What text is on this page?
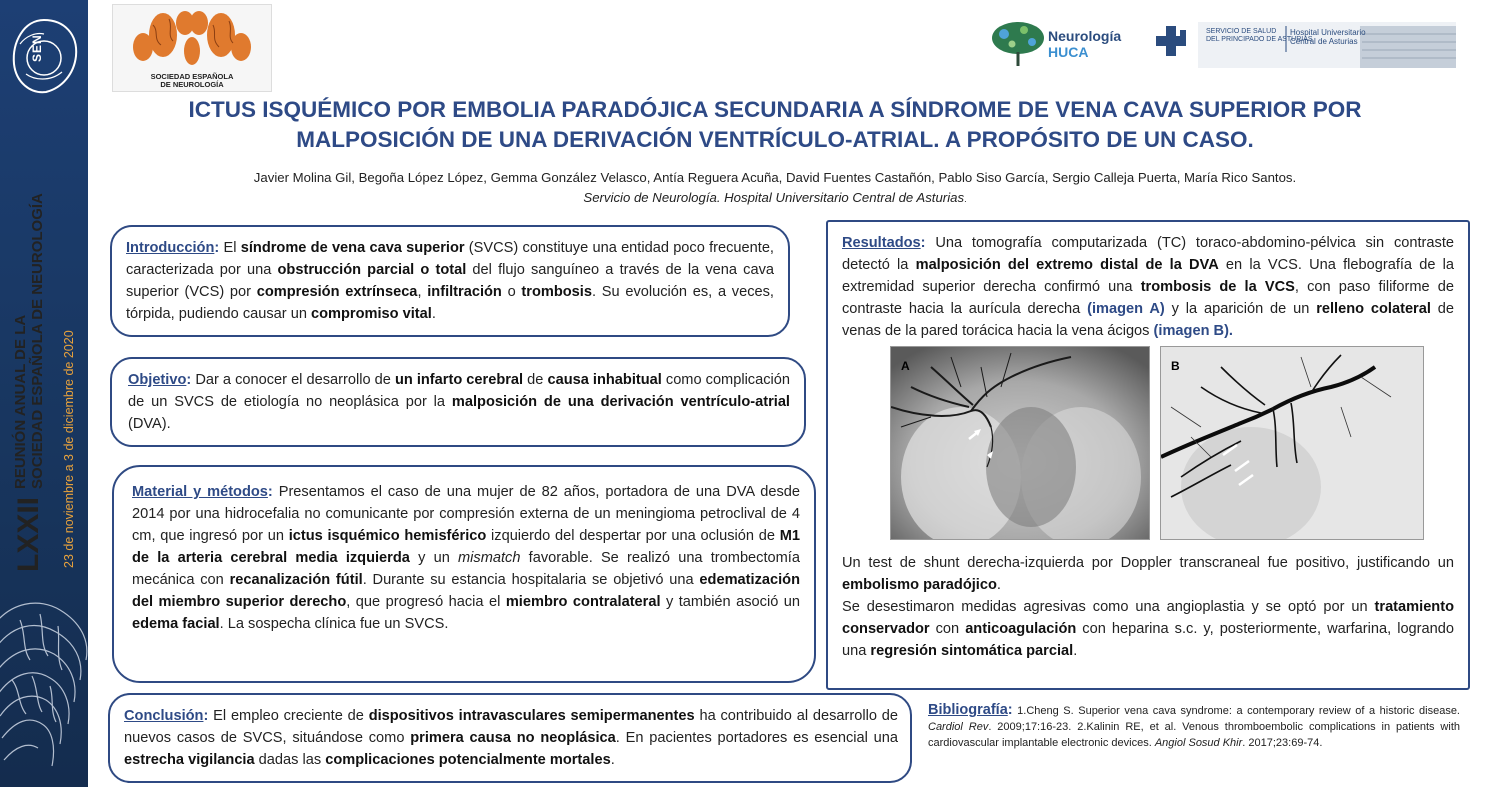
SEN
LXXII
REUNIÓN ANUAL DE LA SOCIEDAD ESPAÑOLA DE NEUROLOGÍA 23 de noviembre a 3 de diciembre de 2020
SOCIEDAD ESPAÑOLA
DE NEUROLOGÍA
Neurología
HUCA
SERVICIO DE SALUD
DEL PRINCIPADO DE ASTURIAS
Hospital Universitario
Central de Asturias
ICTUS ISQUÉMICO POR EMBOLIA PARADÓJICA SECUNDARIA A SÍNDROME DE VENA CAVA SUPERIOR POR
MALPOSICIÓN DE UNA DERIVACIÓN VENTRÍCULO-ATRIAL. A PROPÓSITO DE UN CASO.
Javier Molina Gil, Begoña López López, Gemma González Velasco, Antía Reguera Acuña, David Fuentes Castañón, Pablo Siso García, Sergio Calleja Puerta, María Rico Santos.
Servicio de Neurología. Hospital Universitario Central de Asturias.
Introducción: El síndrome de vena cava superior (SVCS) constituye una entidad poco frecuente, caracterizada por una obstrucción parcial o total del flujo sanguíneo a través de la vena cava superior (VCS) por compresión extrínseca, infiltración o trombosis. Su evolución es, a veces, tórpida, pudiendo causar un compromiso vital.
Objetivo: Dar a conocer el desarrollo de un infarto cerebral de causa inhabitual como complicación de un SVCS de etiología no neoplásica por la malposición de una derivación ventrículo-atrial (DVA).
Material y métodos: Presentamos el caso de una mujer de 82 años, portadora de una DVA desde 2014 por una hidrocefalia no comunicante por compresión externa de un meningioma petroclival de 4 cm, que ingresó por un ictus isquémico hemisférico izquierdo del despertar por una oclusión de M1 de la arteria cerebral media izquierda y un mismatch favorable. Se realizó una trombectomía mecánica con recanalización fútil. Durante su estancia hospitalaria se objetivó una edematización del miembro superior derecho, que progresó hacia el miembro contralateral y también asoció un edema facial. La sospecha clínica fue un SVCS.
Conclusión: El empleo creciente de dispositivos intravasculares semipermanentes ha contribuido al desarrollo de nuevos casos de SVCS, situándose como primera causa no neoplásica. En pacientes portadores es esencial una estrecha vigilancia dadas las complicaciones potencialmente mortales.
Resultados: Una tomografía computarizada (TC) toraco-abdomino-pélvica sin contraste detectó la malposición del extremo distal de la DVA en la VCS. Una flebografía de la extremidad superior derecha confirmó una trombosis de la VCS, con paso filiforme de contraste hacia la aurícula derecha (imagen A) y la aparición de un relleno colateral de venas de la pared torácica hacia la vena ácigos (imagen B).
A	B
Un test de shunt derecha-izquierda por Doppler transcraneal fue positivo, justificando un embolismo paradójico.
Se desestimaron medidas agresivas como una angioplastia y se optó por un tratamiento conservador con anticoagulación con heparina s.c. y, posteriormente, warfarina, logrando una regresión sintomática parcial.
Bibliografía: 1.Cheng S. Superior vena cava syndrome: a contemporary review of a historic disease. Cardiol Rev. 2009;17:16-23. 2.Kalinin RE, et al. Venous thromboembolic complications in patients with cardiovascular implantable electronic devices. Angiol Sosud Khir. 2017;23:69-74.
